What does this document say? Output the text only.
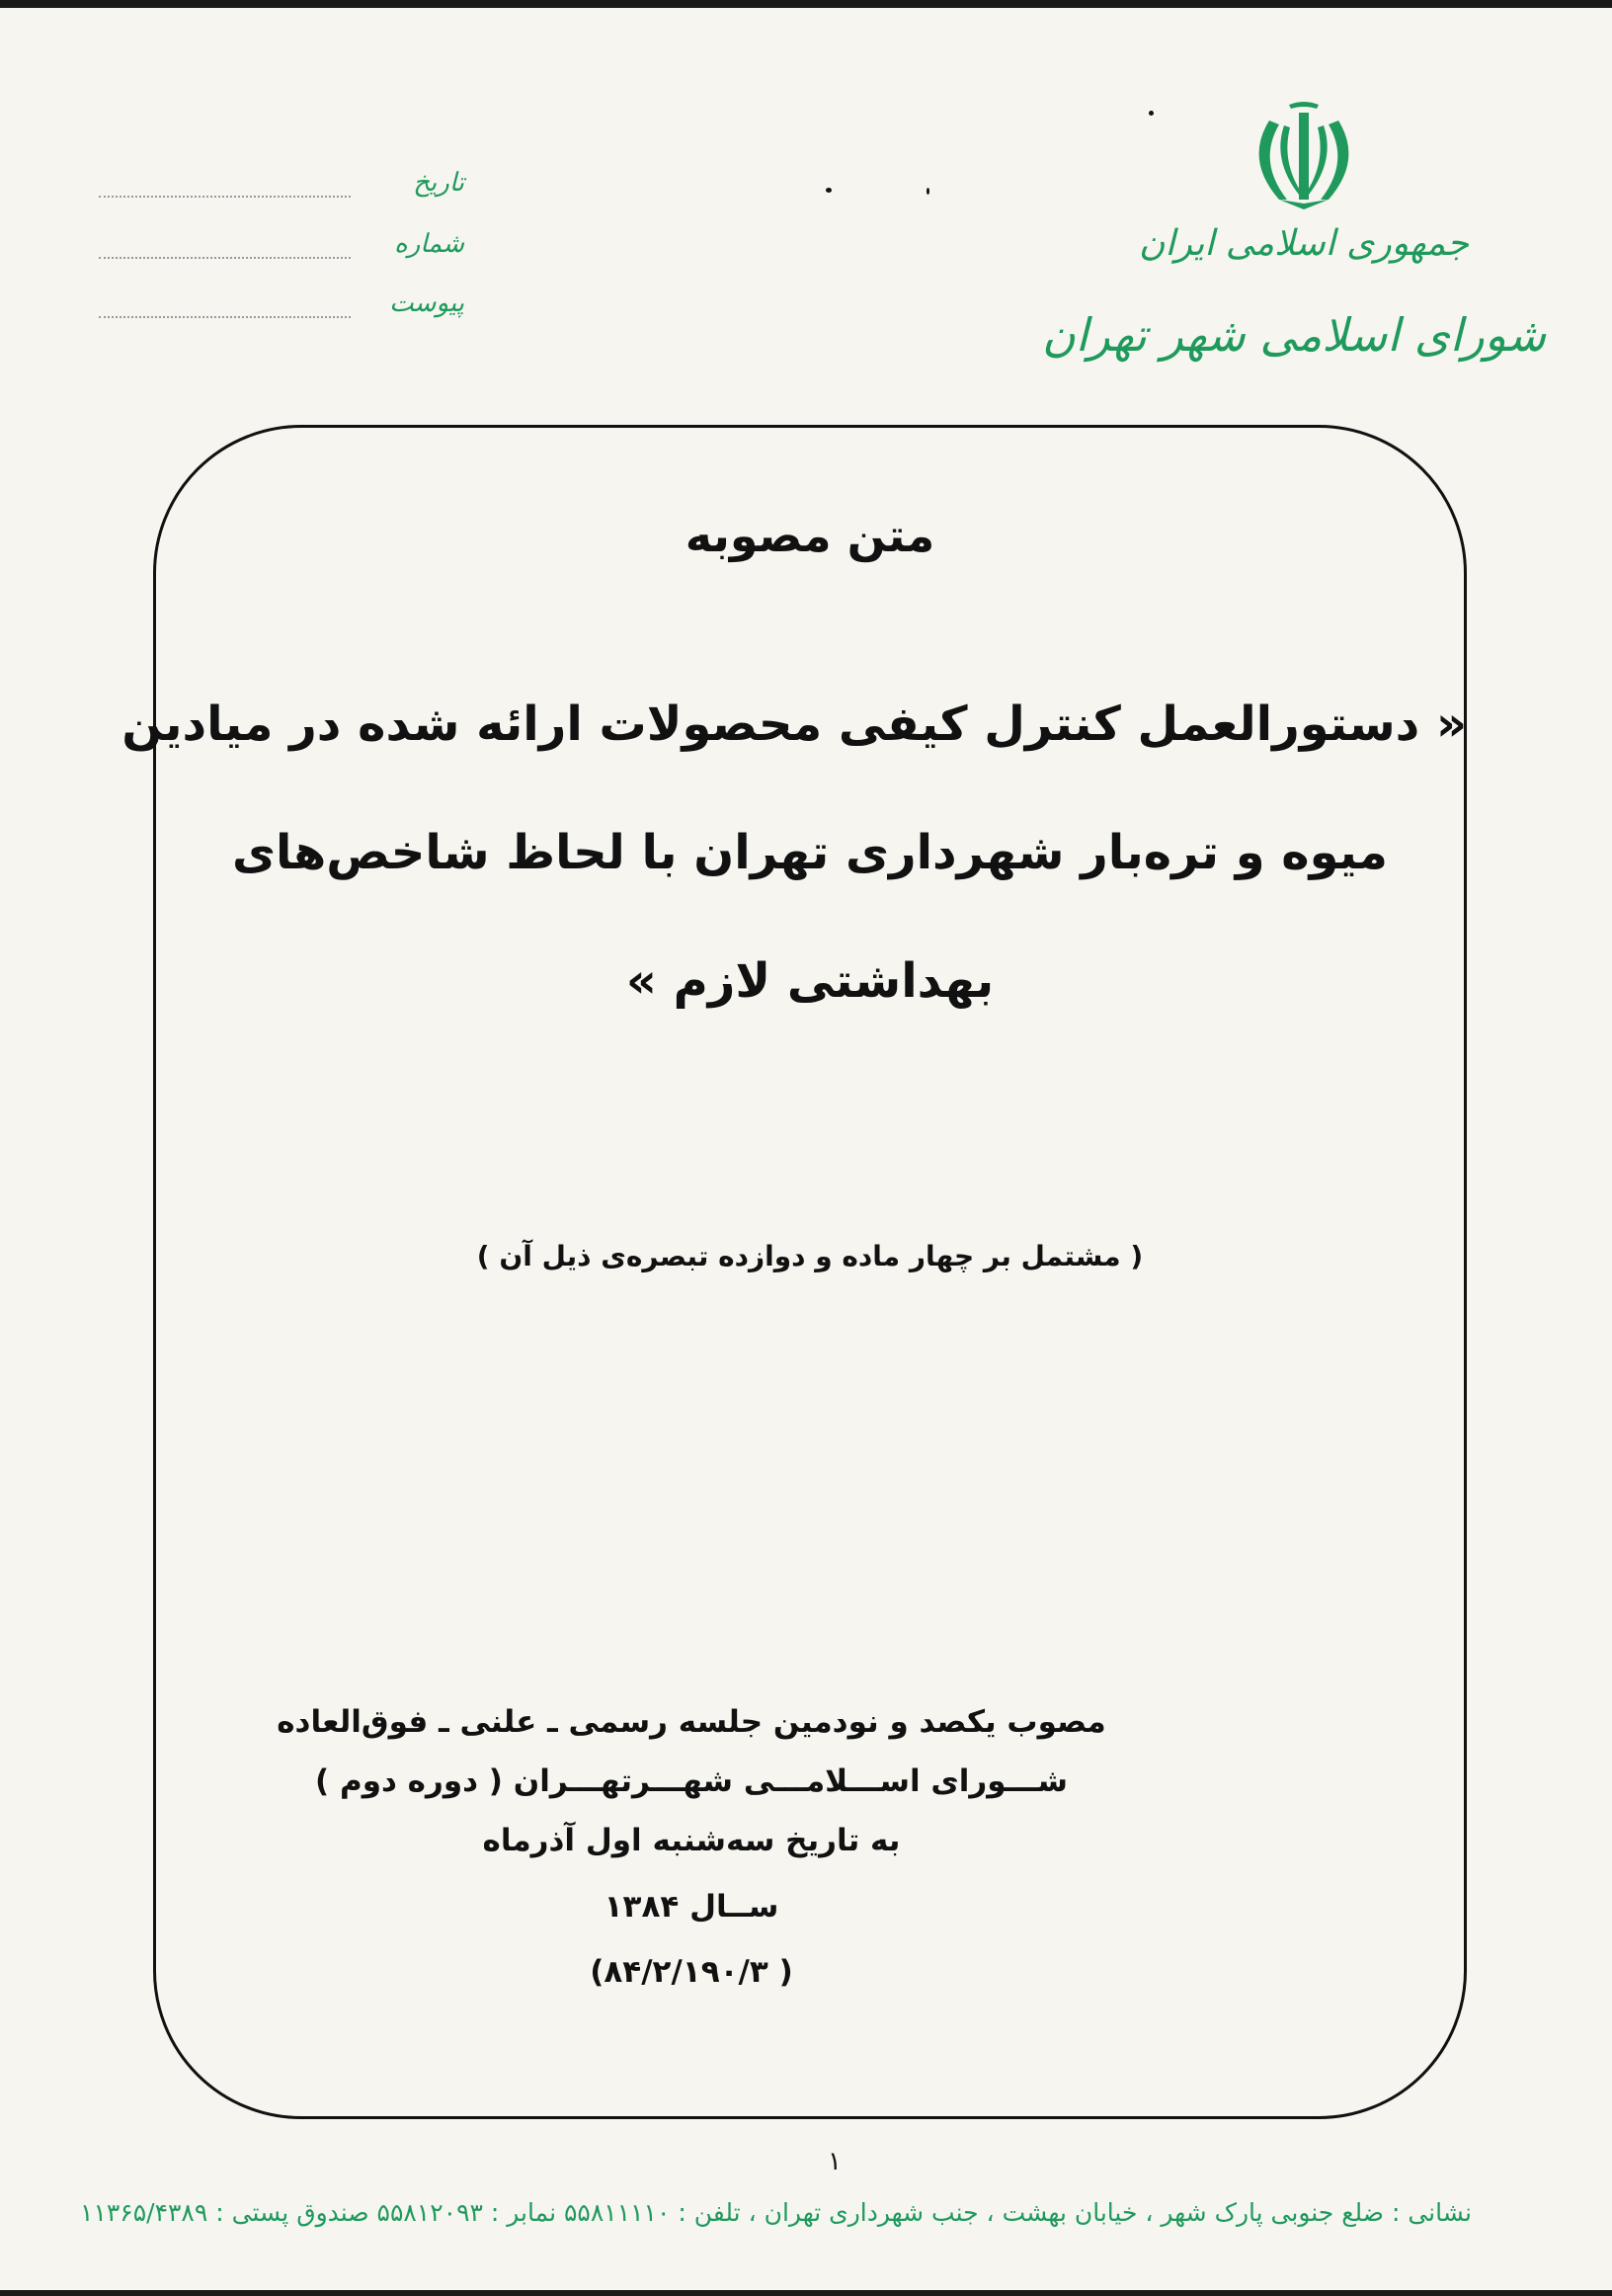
جمهوری اسلامی ایران
شورای اسلامی شهر تهران
تاریخ
شماره
پیوست
متن مصوبه
« دستورالعمل کنترل کیفی محصولات ارائه شده در میادین
میوه و تره‌بار شهرداری تهران با لحاظ شاخص‌های
بهداشتی لازم »
( مشتمل بر چهار ماده و دوازده تبصره‌ی ذیل آن )
مصوب یکصد و نودمین جلسه رسمی ـ علنی ـ فوق‌العاده
شـــورای اســـلامـــی شهـــرتهـــران ( دوره دوم )
به تاریخ سه‌شنبه اول آذرماه
ســال ۱۳۸۴
( ۸۴/۲/۱۹۰/۳)
۱
نشانی : ضلع جنوبی پارک شهر ، خیابان بهشت ، جنب شهرداری تهران ، تلفن : ۵۵۸۱۱۱۱۰ نمابر : ۵۵۸۱۲۰۹۳ صندوق پستی : ۱۱۳۶۵/۴۳۸۹
